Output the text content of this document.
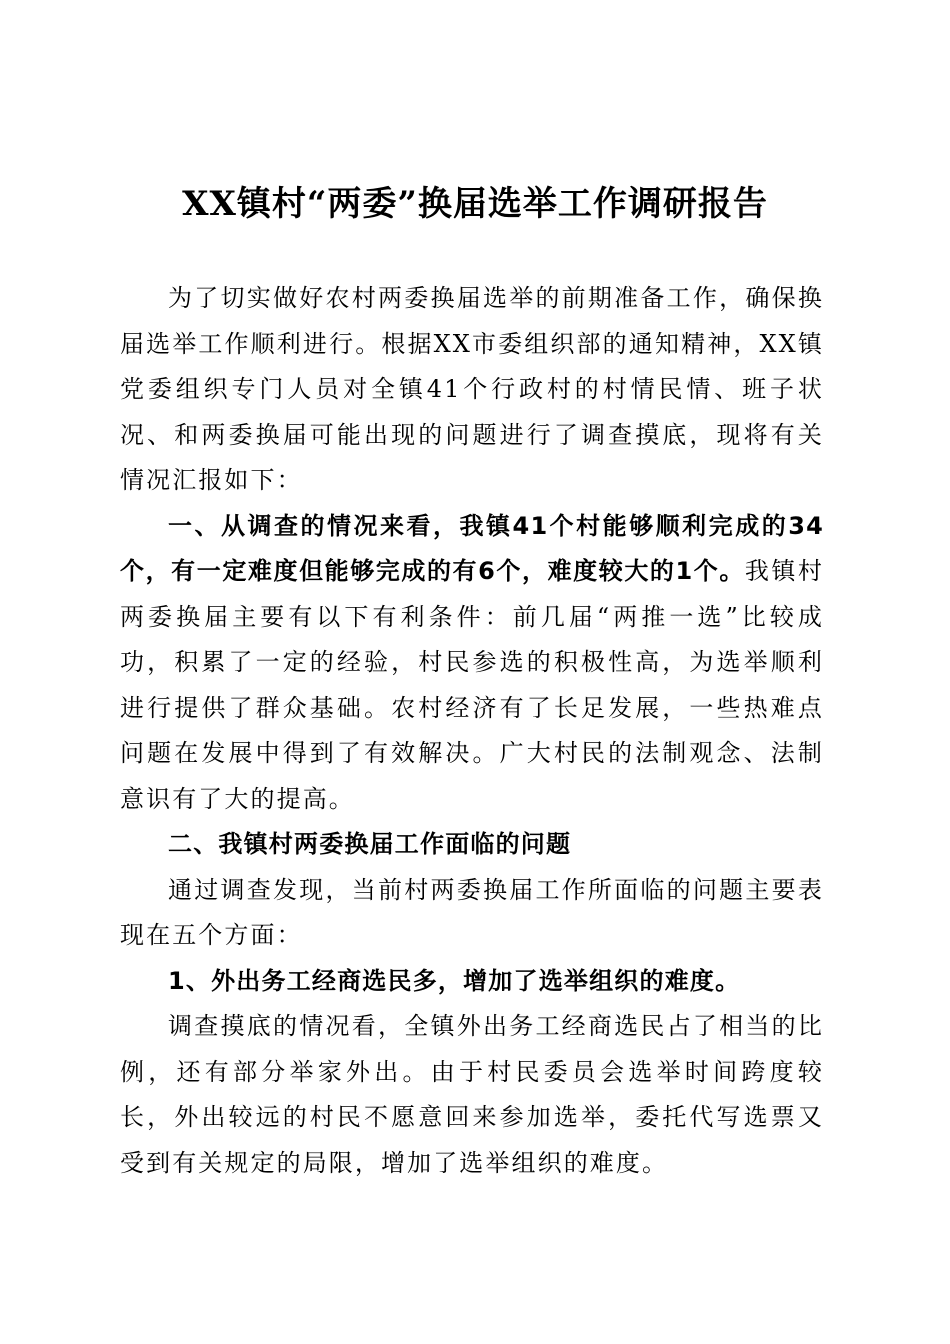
XX镇村“两委”换届选举工作调研报告

为了切实做好农村两委换届选举的前期准备工作，确保换届选举工作顺利进行。根据XX市委组织部的通知精神，XX镇党委组织专门人员对全镇41个行政村的村情民情、班子状况、和两委换届可能出现的问题进行了调查摸底，现将有关情况汇报如下：

一、从调查的情况来看，我镇41个村能够顺利完成的34个，有一定难度但能够完成的有6个，难度较大的1个。我镇村两委换届主要有以下有利条件：前几届“两推一选”比较成功，积累了一定的经验，村民参选的积极性高，为选举顺利进行提供了群众基础。农村经济有了长足发展，一些热难点问题在发展中得到了有效解决。广大村民的法制观念、法制意识有了大的提高。

二、我镇村两委换届工作面临的问题

通过调查发现，当前村两委换届工作所面临的问题主要表现在五个方面：

1、外出务工经商选民多，增加了选举组织的难度。

调查摸底的情况看，全镇外出务工经商选民占了相当的比例，还有部分举家外出。由于村民委员会选举时间跨度较长，外出较远的村民不愿意回来参加选举，委托代写选票又受到有关规定的局限，增加了选举组织的难度。
